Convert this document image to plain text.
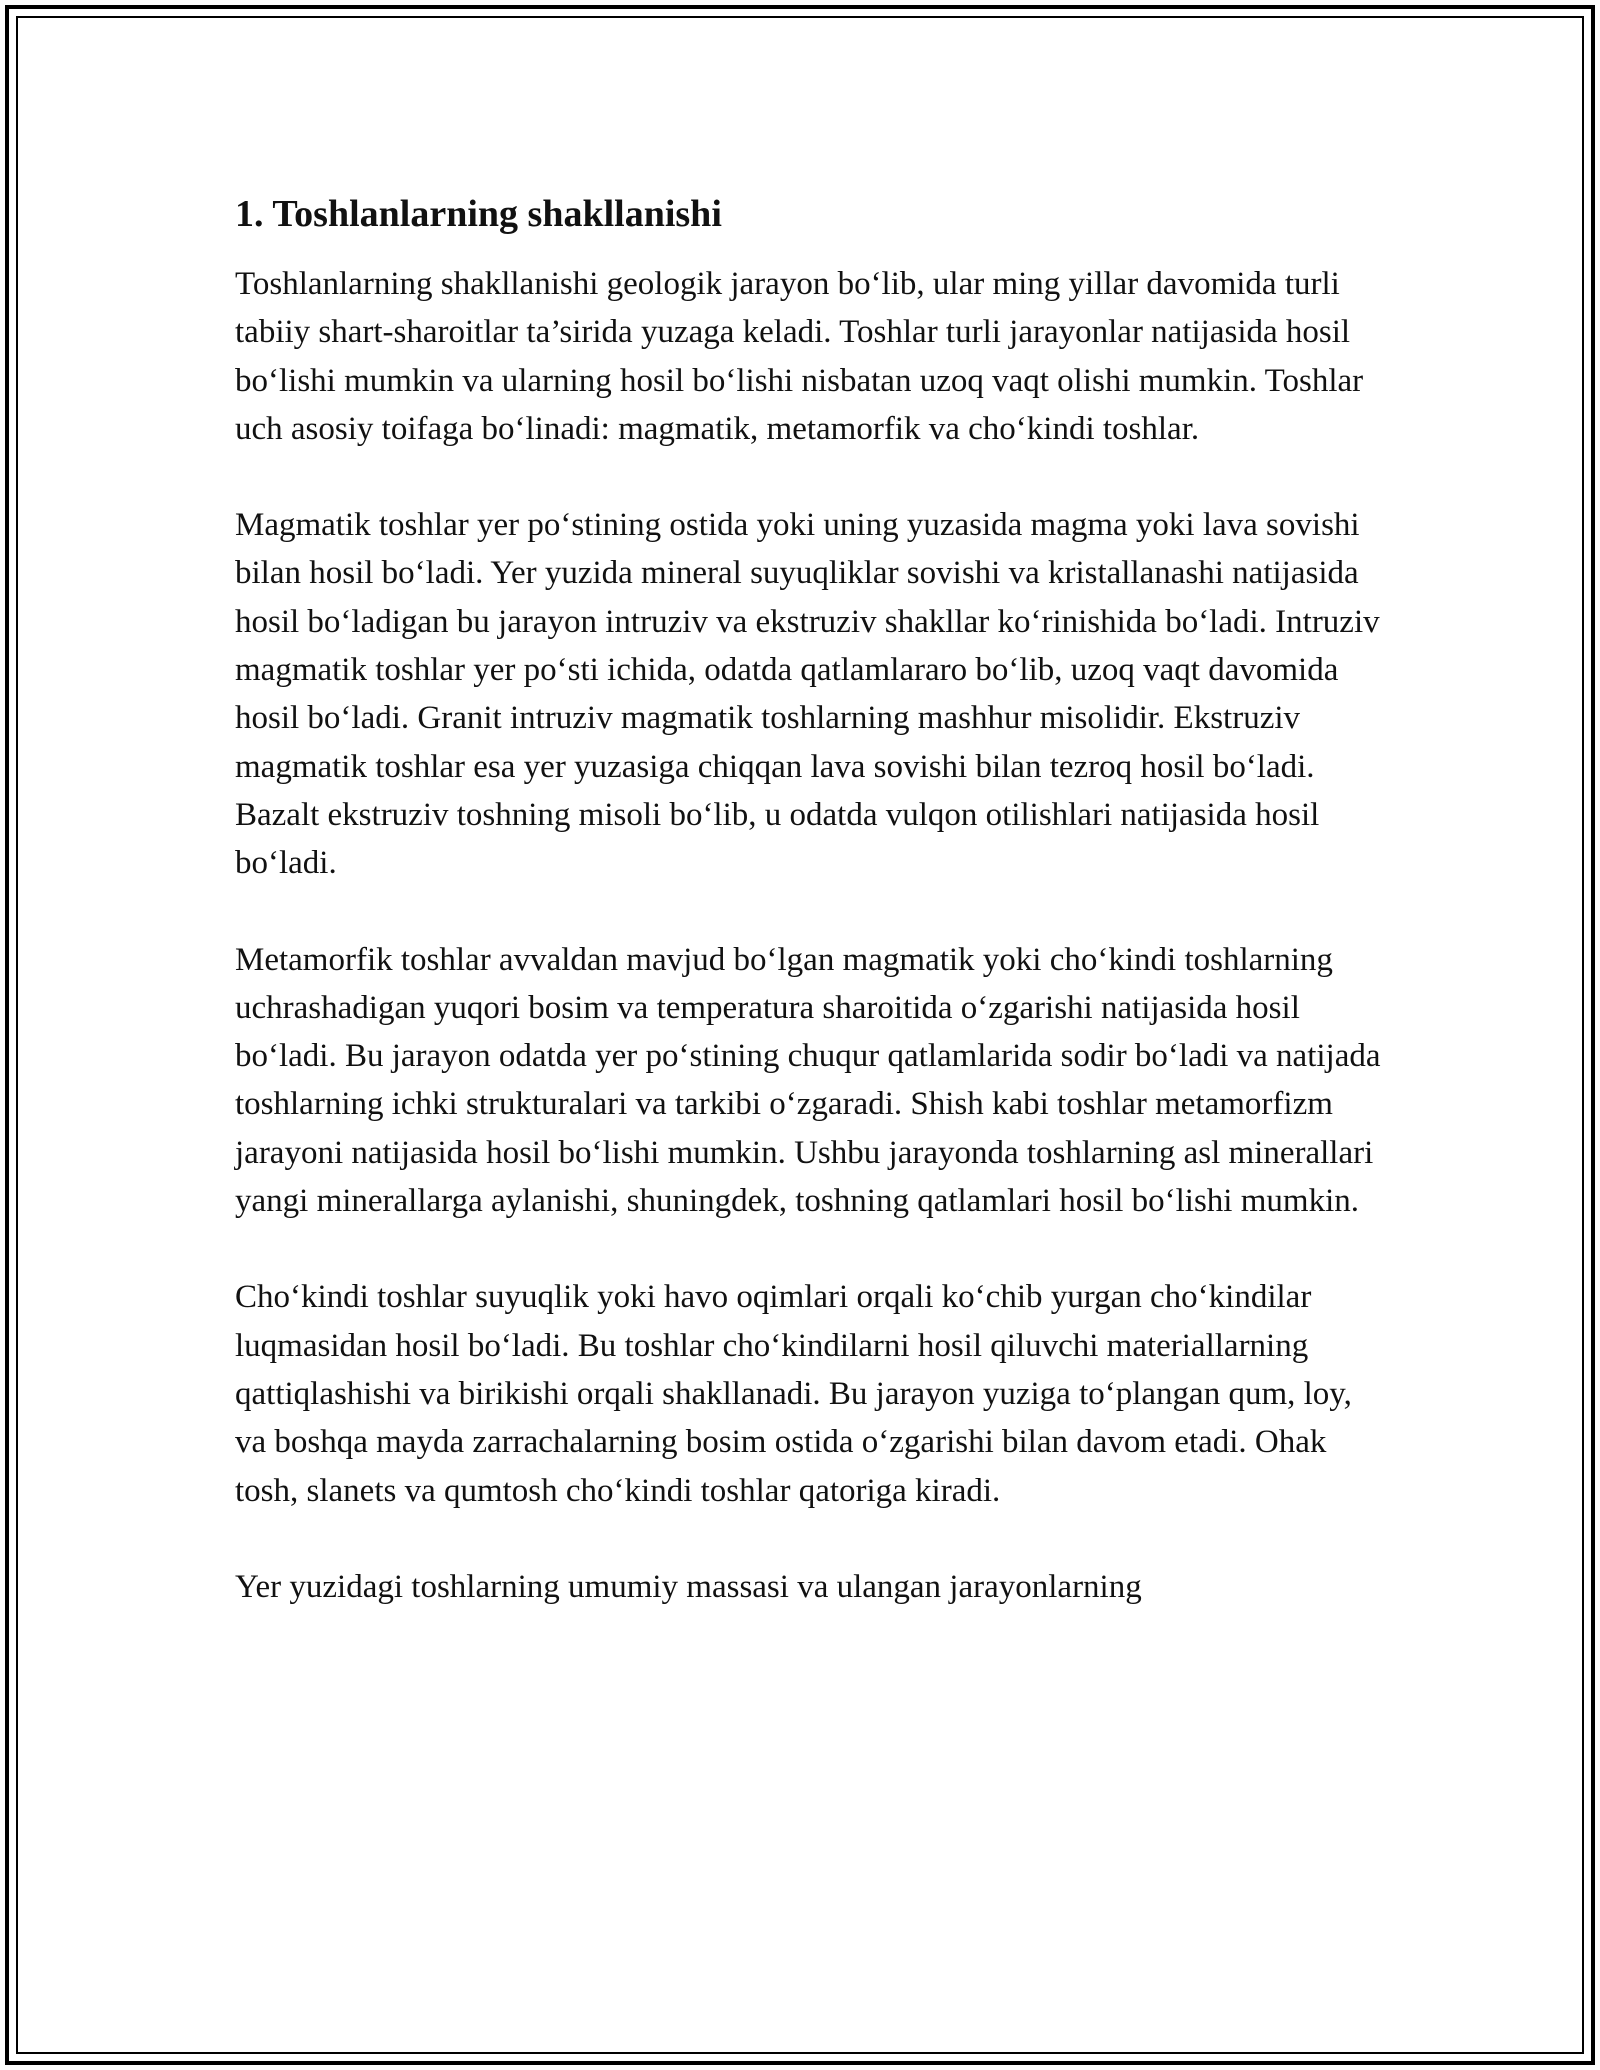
1. Toshlanlarning shakllanishi

Toshlanlarning shakllanishi geologik jarayon bo‘lib, ular ming yillar davomida turli tabiiy shart-sharoitlar ta’sirida yuzaga keladi. Toshlar turli jarayonlar natijasida hosil bo‘lishi mumkin va ularning hosil bo‘lishi nisbatan uzoq vaqt olishi mumkin. Toshlar uch asosiy toifaga bo‘linadi: magmatik, metamorfik va cho‘kindi toshlar.

Magmatik toshlar yer po‘stining ostida yoki uning yuzasida magma yoki lava sovishi bilan hosil bo‘ladi. Yer yuzida mineral suyuqliklar sovishi va kristallanashi natijasida hosil bo‘ladigan bu jarayon intruziv va ekstruziv shakllar ko‘rinishida bo‘ladi. Intruziv magmatik toshlar yer po‘sti ichida, odatda qatlamlararo bo‘lib, uzoq vaqt davomida hosil bo‘ladi. Granit intruziv magmatik toshlarning mashhur misolidir. Ekstruziv magmatik toshlar esa yer yuzasiga chiqqan lava sovishi bilan tezroq hosil bo‘ladi. Bazalt ekstruziv toshning misoli bo‘lib, u odatda vulqon otilishlari natijasida hosil bo‘ladi.

Metamorfik toshlar avvaldan mavjud bo‘lgan magmatik yoki cho‘kindi toshlarning uchrashadigan yuqori bosim va temperatura sharoitida o‘zgarishi natijasida hosil bo‘ladi. Bu jarayon odatda yer po‘stining chuqur qatlamlarida sodir bo‘ladi va natijada toshlarning ichki strukturalari va tarkibi o‘zgaradi. Shish kabi toshlar metamorfizm jarayoni natijasida hosil bo‘lishi mumkin. Ushbu jarayonda toshlarning asl minerallari yangi minerallarga aylanishi, shuningdek, toshning qatlamlari hosil bo‘lishi mumkin.

Cho‘kindi toshlar suyuqlik yoki havo oqimlari orqali ko‘chib yurgan cho‘kindilar luqmasidan hosil bo‘ladi. Bu toshlar cho‘kindilarni hosil qiluvchi materiallarning qattiqlashishi va birikishi orqali shakllanadi. Bu jarayon yuziga to‘plangan qum, loy, va boshqa mayda zarrachalarning bosim ostida o‘zgarishi bilan davom etadi. Ohak tosh, slanets va qumtosh cho‘kindi toshlar qatoriga kiradi.

Yer yuzidagi toshlarning umumiy massasi va ulangan jarayonlarning
